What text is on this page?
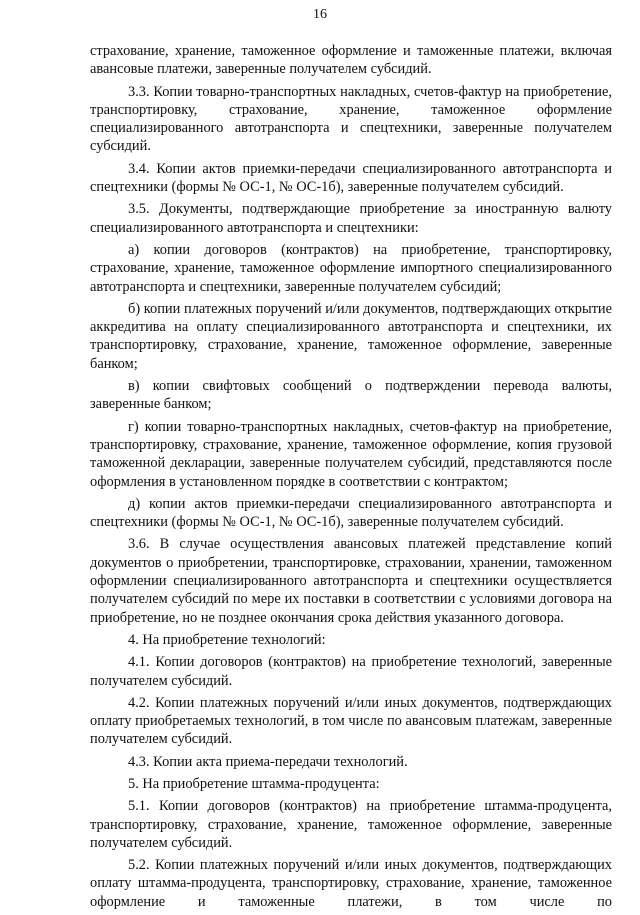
16

страхование, хранение, таможенное оформление и таможенные платежи, включая авансовые платежи, заверенные получателем субсидий.

3.3. Копии товарно-транспортных накладных, счетов-фактур на приобретение, транспортировку, страхование, хранение, таможенное оформление специализированного автотранспорта и спецтехники, заверенные получателем субсидий.

3.4. Копии актов приемки-передачи специализированного автотранспорта и спецтехники (формы № ОС-1, № ОС-1б), заверенные получателем субсидий.

3.5. Документы, подтверждающие приобретение за иностранную валюту специализированного автотранспорта и спецтехники:

а) копии договоров (контрактов) на приобретение, транспортировку, страхование, хранение, таможенное оформление импортного специализированного автотранспорта и спецтехники, заверенные получателем субсидий;

б) копии платежных поручений и/или документов, подтверждающих открытие аккредитива на оплату специализированного автотранспорта и спецтехники, их транспортировку, страхование, хранение, таможенное оформление, заверенные банком;

в) копии свифтовых сообщений о подтверждении перевода валюты, заверенные банком;

г) копии товарно-транспортных накладных, счетов-фактур на приобретение, транспортировку, страхование, хранение, таможенное оформление, копия грузовой таможенной декларации, заверенные получателем субсидий, представляются после оформления в установленном порядке в соответствии с контрактом;

д) копии актов приемки-передачи специализированного автотранспорта и спецтехники (формы № ОС-1, № ОС-1б), заверенные получателем субсидий.

3.6. В случае осуществления авансовых платежей представление копий документов о приобретении, транспортировке, страховании, хранении, таможенном оформлении специализированного автотранспорта и спецтехники осуществляется получателем субсидий по мере их поставки в соответствии с условиями договора на приобретение, но не позднее окончания срока действия указанного договора.

4. На приобретение технологий:

4.1. Копии договоров (контрактов) на приобретение технологий, заверенные получателем субсидий.

4.2. Копии платежных поручений и/или иных документов, подтверждающих оплату приобретаемых технологий, в том числе по авансовым платежам, заверенные получателем субсидий.

4.3. Копии акта приема-передачи технологий.

5. На приобретение штамма-продуцента:

5.1. Копии договоров (контрактов) на приобретение штамма-продуцента, транспортировку, страхование, хранение, таможенное оформление, заверенные получателем субсидий.

5.2. Копии платежных поручений и/или иных документов, подтверждающих оплату штамма-продуцента, транспортировку, страхование, хранение, таможенное оформление и таможенные платежи, в том числе по
